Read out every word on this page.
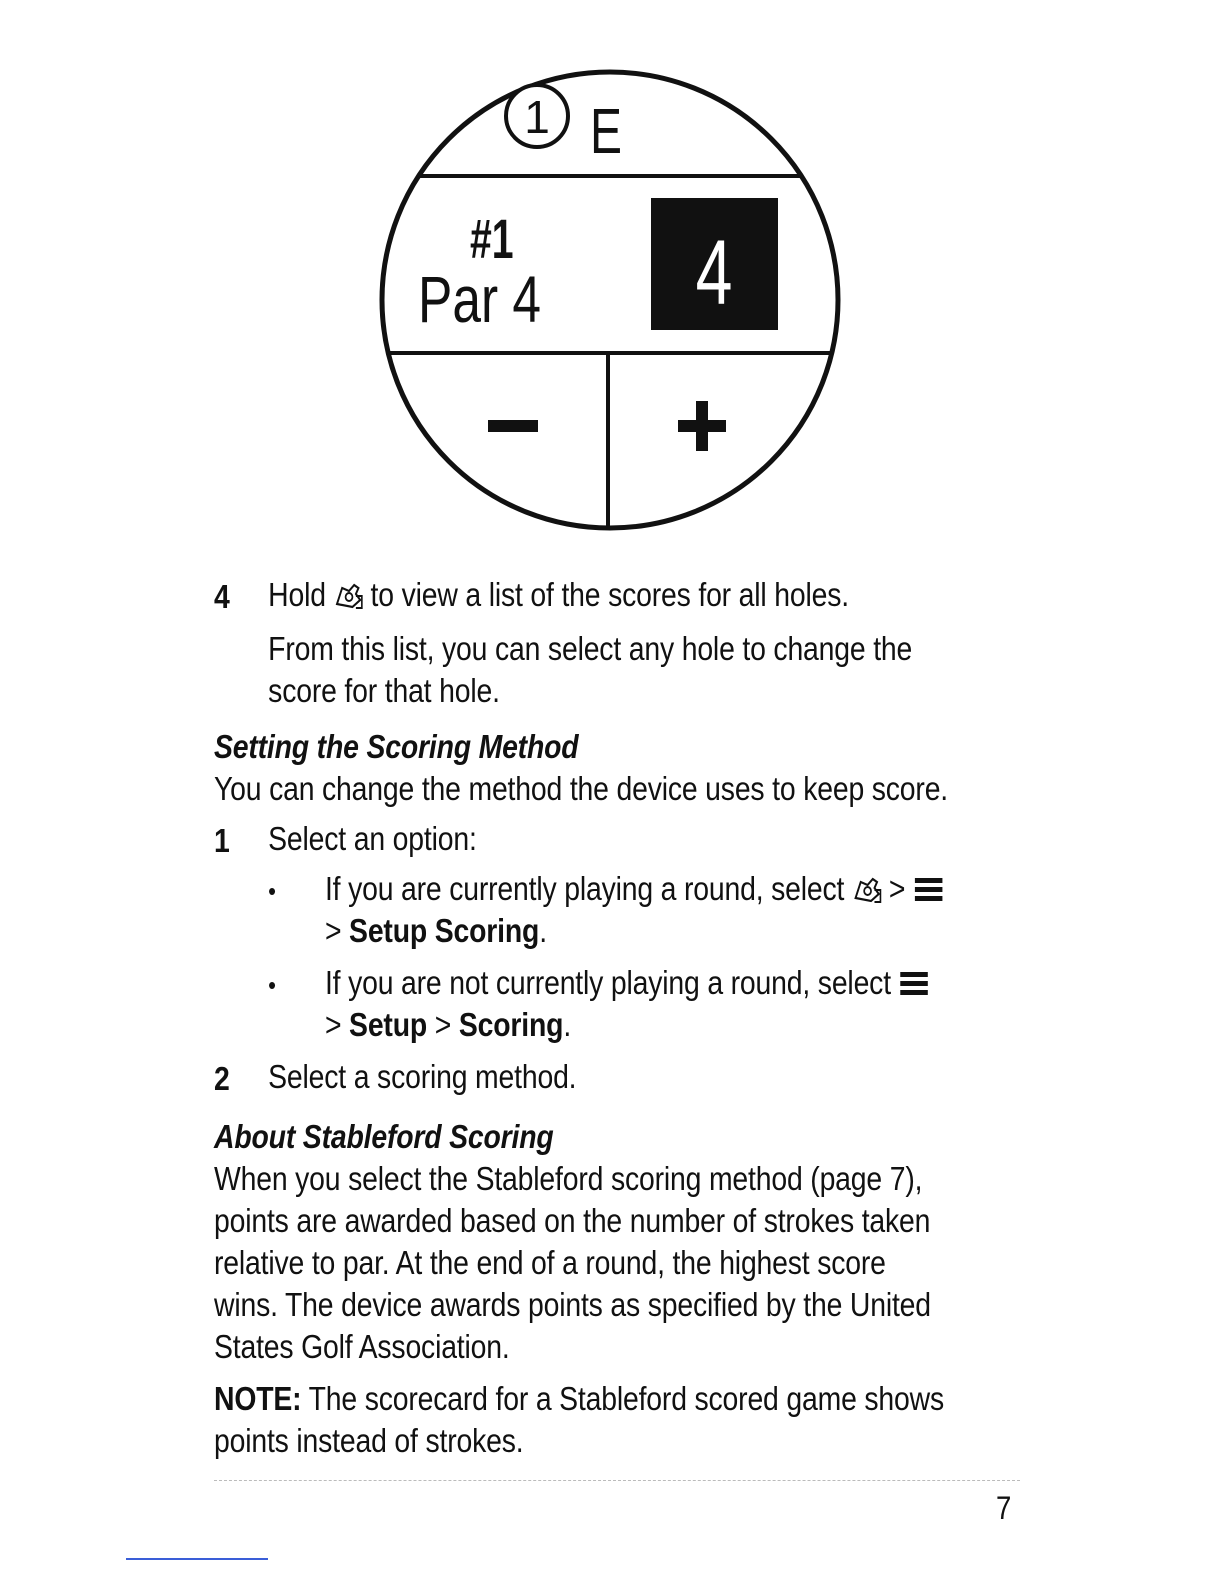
1 E
#1
Par 4 4
4 Hold to view a list of the scores for all holes.
From this list, you can select any hole to change the
score for that hole.
Setting the Scoring Method
You can change the method the device uses to keep score.
1 Select an option:
• If you are currently playing a round, select >
> Setup Scoring.
• If you are not currently playing a round, select
> Setup > Scoring.
2 Select a scoring method.
About Stableford Scoring
When you select the Stableford scoring method (page 7),
points are awarded based on the number of strokes taken
relative to par. At the end of a round, the highest score
wins. The device awards points as specified by the United
States Golf Association.
NOTE: The scorecard for a Stableford scored game shows
points instead of strokes.
7
